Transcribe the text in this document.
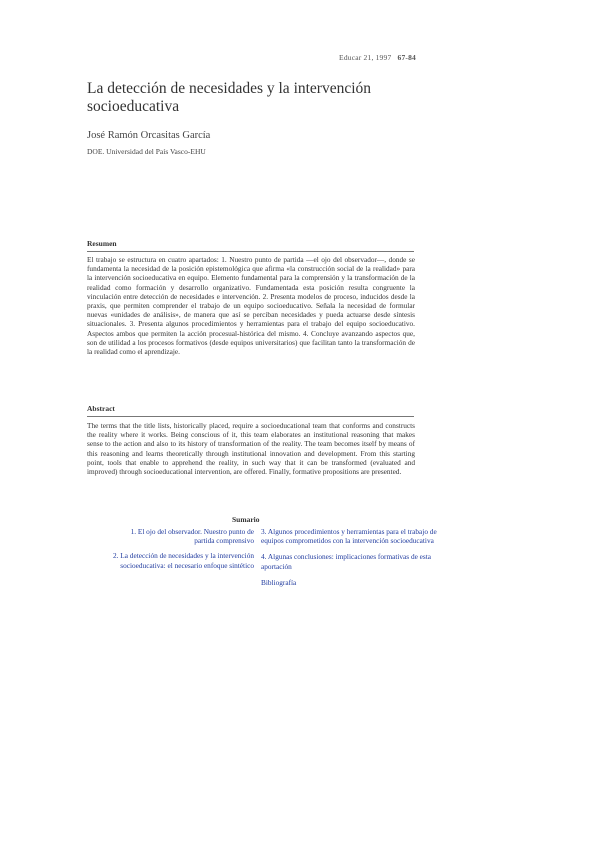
Educar 21, 1997 67-84
La detección de necesidades y la intervención socioeducativa
José Ramón Orcasitas García
DOE. Universidad del País Vasco-EHU
Resumen

El trabajo se estructura en cuatro apartados: 1. Nuestro punto de partida —el ojo del observador—, donde se fundamenta la necesidad de la posición epistemológica que afirma «la construcción social de la realidad» para la intervención socioeducativa en equipo. Elemento fundamental para la comprensión y la transformación de la realidad como formación y desarrollo organizativo. Fundamentada esta posición resulta congruente la vinculación entre detección de necesidades e intervención. 2. Presenta modelos de proceso, inducidos desde la praxis, que permiten comprender el trabajo de un equipo socioeducativo. Señala la necesidad de formular nuevas «unidades de análisis», de manera que así se perciban necesidades y pueda actuarse desde síntesis situacionales. 3. Presenta algunos procedimientos y herramientas para el trabajo del equipo socioeducativo. Aspectos ambos que permiten la acción procesual-histórica del mismo. 4. Concluye avanzando aspectos que, son de utilidad a los procesos formativos (desde equipos universitarios) que facilitan tanto la transformación de la realidad como el aprendizaje.

Abstract

The terms that the title lists, historically placed, require a socioeducational team that conforms and constructs the reality where it works. Being conscious of it, this team elaborates an institutional reasoning that makes sense to the action and also to its history of transformation of the reality. The team becomes itself by means of this reasoning and learns theoretically through institutional innovation and development. From this starting point, tools that enable to apprehend the reality, in such way that it can be transformed (evaluated and improved) through socioeducational intervention, are offered. Finally, formative propositions are presented.

Sumario
1. El ojo del observador. Nuestro punto de partida comprensivo
2. La detección de necesidades y la intervención socioeducativa: el necesario enfoque sintético
3. Algunos procedimientos y herramientas para el trabajo de equipos comprometidos con la intervención socioeducativa
4. Algunas conclusiones: implicaciones formativas de esta aportación
Bibliografía
